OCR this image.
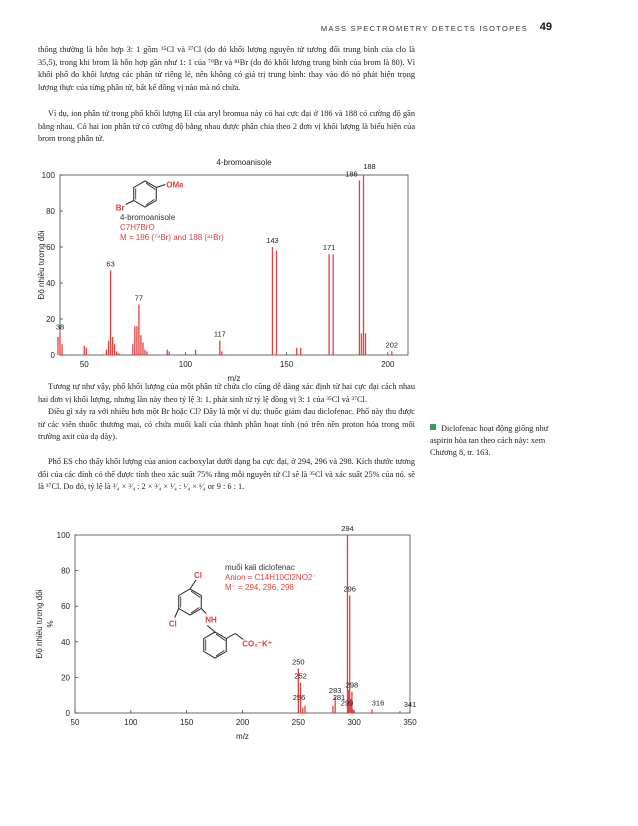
MASS SPECTROMETRY DETECTS ISOTOPES 49

thông thường là hỗn hợp 3: 1 gồm ³⁵Cl và ³⁷Cl (do đó khối lượng nguyên tử tương đối trung bình của clo là 35,5), trong khi brom là hỗn hợp gần như 1: 1 của ⁷⁹Br và ⁸¹Br (do đó khối lượng trung bình của brom là 80). Vì khối phổ đo khối lượng các phân tử riêng lẻ, nên không có giá trị trung bình: thay vào đó nó phát hiện trọng lượng thực của từng phân tử, bất kể đồng vị nào mà nó chứa.

Ví dụ, ion phân tử trong phổ khối lượng EI của aryl bromua này có hai cực đại ở 186 và 188 có cường độ gần bằng nhau. Có hai ion phân tử có cường độ bằng nhau được phân chia theo 2 đơn vị khối lượng là biểu hiện của brom trong phân tử.

0
20
40
60
80
100
50	100	150	200
38
63
77
117
143
171
186
188
202
m/z
Độ nhiều tương đối
4-bromoanisole
OMe
Br
4-bromoanisole
C7H7BrO
M = 186 (⁷⁹Br) and 188 (⁸¹Br)

Tương tự như vậy, phổ khối lượng của một phân tử chứa clo cũng dễ dàng xác định từ hai cực đại cách nhau hai đơn vị khối lượng, nhưng lần này theo tỷ lệ 3: 1, phát sinh từ tỷ lệ đồng vị 3: 1 của ³⁵Cl và ³⁷Cl.

Điều gì xảy ra với nhiều hơn một Br hoặc Cl? Đây là một ví dụ: thuốc giảm đau diclofenac. Phổ này thu được từ các viên thuốc thương mại, có chứa muối kali của thành phần hoạt tính (nó trên nền proton hóa trong môi trường axit của dạ dày).

Phổ ES cho thấy khối lượng của anion cacboxylat dưới dạng ba cực đại, ở 294, 296 và 298. Kích thước tương đối của các đỉnh có thể được tính theo xác suất 75% rằng mỗi nguyên tử Cl sẽ là ³⁵Cl và xác suất 25% của nó. sẽ là ³⁷Cl. Do đó, tỷ lệ là ³⁄₄ × ³⁄₄ : 2 × ³⁄₄ × ¹⁄₄ : ¹⁄₄ × ¹⁄₄ or 9 : 6 : 1.

Diclofenac hoạt động giống như aspirin hòa tan theo cách này: xem Chương 8, tr. 163.
0
20
40
60
80
100
50	100	150	200	250	300	350
250
252
283
256	281
294
296
298
299 316	341
m/z
Độ nhiều tương đối %
Cl
Cl	NH
CO₂⁻K⁺
muối kali diclofenac
Anion = C14H10Cl2NO2⁻
M⁻ = 294, 296, 298
